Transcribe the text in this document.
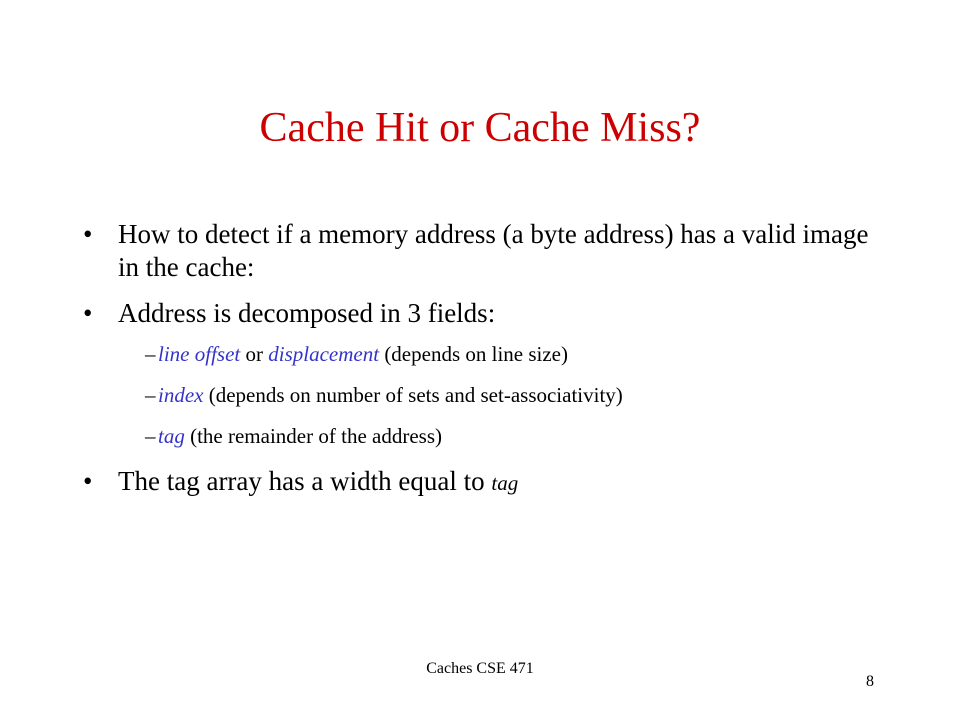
Cache Hit or Cache Miss?
• How to detect if a memory address (a byte address) has a valid image in the cache:
• Address is decomposed in 3 fields:
– line offset or displacement (depends on line size)
– index (depends on number of sets and set-associativity)
– tag (the remainder of the address)
• The tag array has a width equal to tag
Caches CSE 471
8
